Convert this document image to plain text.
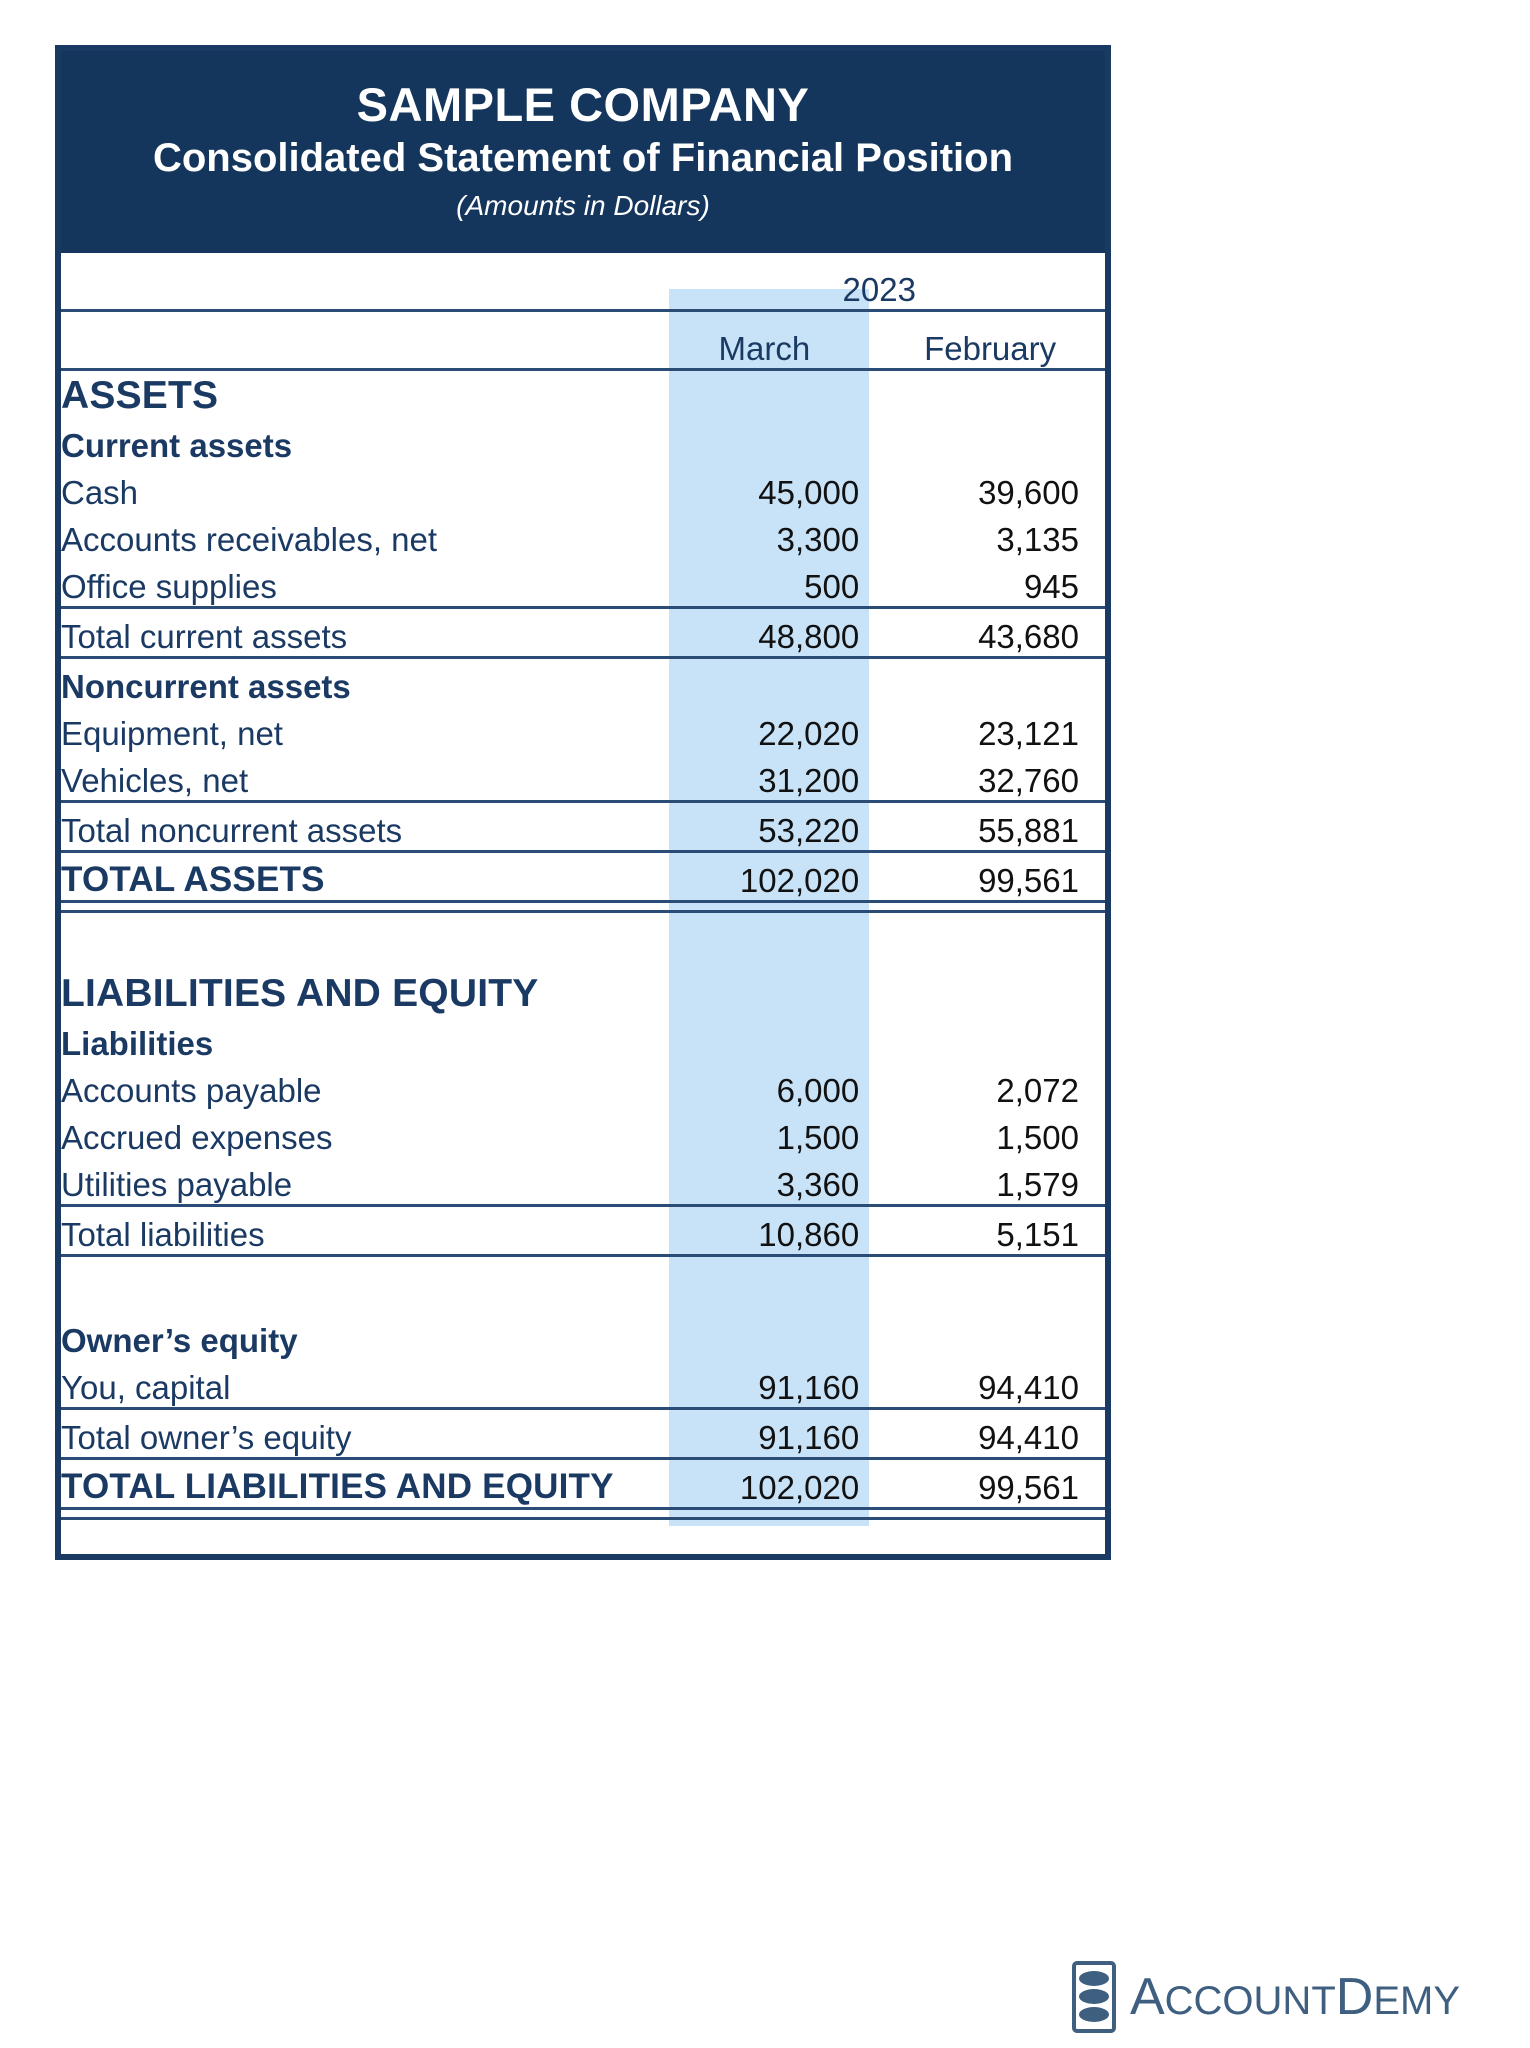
SAMPLE COMPANY
Consolidated Statement of Financial Position
(Amounts in Dollars)
	2023	

	March	February

ASSETS		
Current assets		
Cash	45,000	39,600
Accounts receivables, net	3,300	3,135
Office supplies	500	945

Total current assets	48,800	43,680

Noncurrent assets		
Equipment, net	22,020	23,121
Vehicles, net	31,200	32,760

Total noncurrent assets	53,220	55,881

TOTAL ASSETS	102,020	99,561

LIABILITIES AND EQUITY		
Liabilities		
Accounts payable	6,000	2,072
Accrued expenses	1,500	1,500
Utilities payable	3,360	1,579

Total liabilities	10,860	5,151

Owner’s equity		
You, capital	91,160	94,410

Total owner’s equity	91,160	94,410

TOTAL LIABILITIES AND EQUITY	102,020	99,561

ACCOUNTDEMY
